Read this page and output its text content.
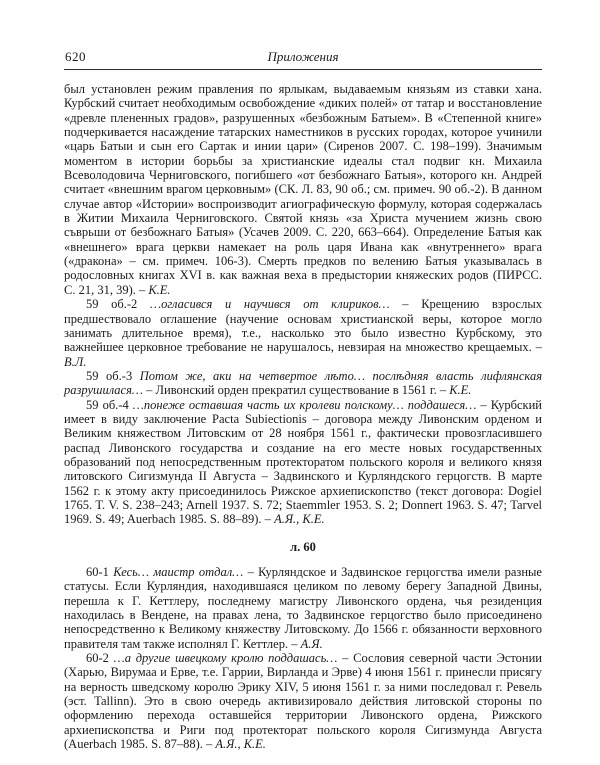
620	Приложения

был установлен режим правления по ярлыкам, выдаваемым князьям из ставки хана. Курбский считает необходимым освобождение «диких полей» от татар и восстановление «древле плененных градов», разрушенных «безбожным Батыем». В «Степенной книге» подчеркивается насаждение татарских наместников в русских городах, которое учинили «царь Батыи и сын его Сартак и инии цари» (Сиренов 2007. С. 198–199). Значимым моментом в истории борьбы за христианские идеалы стал подвиг кн. Михаила Всеволодовича Черниговского, погибшего «от безбожнаго Батыя», которого кн. Андрей считает «внешним врагом церковным» (СК. Л. 83, 90 об.; см. примеч. 90 об.-2). В данном случае автор «Истории» воспроизводит агиографическую формулу, которая содержалась в Житии Михаила Черниговского. Святой князь «за Христа мучением жизнь свою съврьши от безбожнаго Батыя» (Усачев 2009. С. 220, 663–664). Определение Батыя как «внешнего» врага церкви намекает на роль царя Ивана как «внутреннего» врага («дракона» – см. примеч. 106-3). Смерть предков по велению Батыя указывалась в родословных книгах XVI в. как важная веха в предыстории княжеских родов (ПИРСС. С. 21, 31, 39). – К.Е.

59 об.-2 …огласився и научився от клириков… – Крещению взрослых предшествовало оглашение (научение основам христианской веры, которое могло занимать длительное время), т.е., насколько это было известно Курбскому, это важнейшее церковное требование не нарушалось, невзирая на множество крещаемых. – В.Л.

59 об.-3 Потом же, аки на четвертое лѣто… послѣдняя власть лифлянская разрушилася… – Ливонский орден прекратил существование в 1561 г. – К.Е.

59 об.-4 …понеже оставшая часть их кролеви полскому… поддашеся… – Курбский имеет в виду заключение Pacta Subiectionis – договора между Ливонским орденом и Великим княжеством Литовским от 28 ноября 1561 г., фактически провозгласившего распад Ливонского государства и создание на его месте новых государственных образований под непосредственным протекторатом польского короля и великого князя литовского Сигизмунда II Августа – Задвинского и Курляндского герцогств. В марте 1562 г. к этому акту присоединилось Рижское архиепископство (текст договора: Dogiel 1765. T. V. S. 238–243; Arnell 1937. S. 72; Staemmler 1953. S. 2; Donnert 1963. S. 47; Tarvel 1969. S. 49; Auerbach 1985. S. 88–89). – А.Я., К.Е.

л. 60

60-1 Кесь… маистр отдал… – Курляндское и Задвинское герцогства имели разные статусы. Если Курляндия, находившаяся целиком по левому берегу Западной Двины, перешла к Г. Кеттлеру, последнему магистру Ливонского ордена, чья резиденция находилась в Вендене, на правах лена, то Задвинское герцогство было присоединено непосредственно к Великому княжеству Литовскому. До 1566 г. обязанности верховного правителя там также исполнял Г. Кеттлер. – А.Я.

60-2 …а другие швецкому кролю поддашась… – Сословия северной части Эстонии (Харью, Вирумаа и Ерве, т.е. Гаррии, Вирланда и Эрве) 4 июня 1561 г. принесли присягу на верность шведскому королю Эрику XIV, 5 июня 1561 г. за ними последовал г. Ревель (эст. Tallinn). Это в свою очередь активизировало действия литовской стороны по оформлению перехода оставшейся территории Ливонского ордена, Рижского архиепископства и Риги под протекторат польского короля Сигизмунда Августа (Auerbach 1985. S. 87–88). – А.Я., К.Е.
